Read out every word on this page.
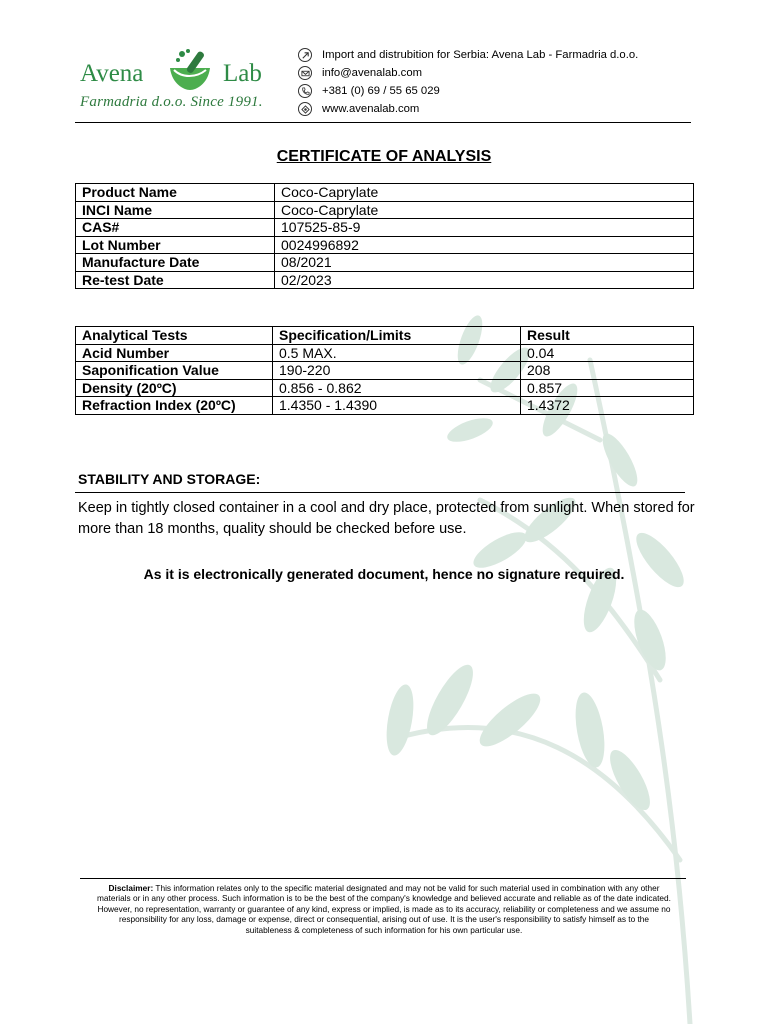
Avena	Lab
Farmadria d.o.o. Since 1991.
Import and distrubition for Serbia: Avena Lab - Farmadria d.o.o.
info@avenalab.com
+381 (0) 69 / 55 65 029
www.avenalab.com
CERTIFICATE OF ANALYSIS
Product Name	Coco-Caprylate
INCI Name	Coco-Caprylate
CAS#	107525-85-9
Lot Number	0024996892
Manufacture Date	08/2021
Re-test Date	02/2023
Analytical Tests	Specification/Limits	Result
Acid Number	0.5 MAX.	0.04
Saponification Value	190-220	208
Density (20ºC)	0.856 - 0.862	0.857
Refraction Index (20ºC)	1.4350 - 1.4390	1.4372
STABILITY AND STORAGE:
Keep in tightly closed container in a cool and dry place, protected from sunlight. When stored for more than 18 months, quality should be checked before use.
As it is electronically generated document, hence no signature required.
Disclaimer: This information relates only to the specific material designated and may not be valid for such material used in combination with any other materials or in any other process. Such information is to be the best of the company's knowledge and believed accurate and reliable as of the date indicated. However, no representation, warranty or guarantee of any kind, express or implied, is made as to its accuracy, reliability or completeness and we assume no responsibility for any loss, damage or expense, direct or consequential, arising out of use. It is the user's responsibility to satisfy himself as to the suitableness & completeness of such information for his own particular use.
